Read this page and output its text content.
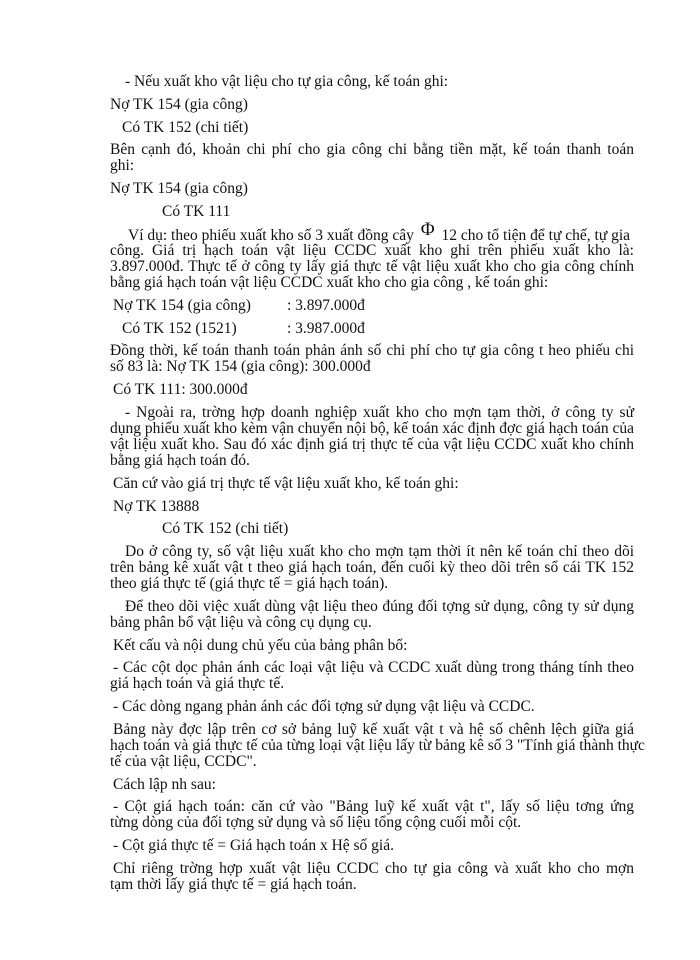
- Nếu xuất kho vật liệu cho tự gia công, kế toán ghi:
Nợ TK 154 (gia công)
Có TK 152 (chi tiết)
Bên cạnh đó, khoản chi phí cho gia công chi bằng tiền mặt, kế toán thanh toán
ghi:
Nợ TK 154 (gia công)
Có TK 111
Ví dụ: theo phiếu xuất kho số 3 xuất đồng cây Φ 12 cho tổ tiện để tự chế, tự gia
công. Giá trị hạch toán vật liệu CCDC xuất kho ghi trên phiếu xuất kho là:
3.897.000đ. Thực tế ở công ty lấy giá thực tế vật liệu xuất kho cho gia công chính
bằng giá hạch toán vật liệu CCDC xuất kho cho gia công , kế toán ghi:
Nợ TK 154 (gia công) : 3.897.000đ
Có TK 152 (1521)	: 3.987.000đ
Đồng thời, kế toán thanh toán phản ánh số chi phí cho tự gia công t heo phiếu chi
số 83 là: Nợ TK 154 (gia công): 300.000đ
Có TK 111: 300.000đ
- Ngoài ra, trờng hợp doanh nghiệp xuất kho cho mợn tạm thời, ở công ty sử
dụng phiếu xuất kho kèm vận chuyển nội bộ, kế toán xác định đợc giá hạch toán của
vật liệu xuất kho. Sau đó xác định giá trị thực tế của vật liệu CCDC xuất kho chính
bằng giá hạch toán đó.
Căn cứ vào giá trị thực tế vật liệu xuất kho, kế toán ghi:
Nợ TK 13888
Có TK 152 (chi tiết)
Do ở công ty, số vật liệu xuất kho cho mợn tạm thời ít nên kế toán chỉ theo dõi
trên bảng kê xuất vật t theo giá hạch toán, đến cuối kỳ theo dõi trên sổ cái TK 152
theo giá thực tế (giá thực tế = giá hạch toán).
Để theo dõi việc xuất dùng vật liệu theo đúng đối tợng sử dụng, công ty sử dụng
bảng phân bổ vật liệu và công cụ dụng cụ.
Kết cấu và nội dung chủ yếu của bảng phân bổ:
- Các cột dọc phản ánh các loại vật liệu và CCDC xuất dùng trong tháng tính theo
giá hạch toán và giá thực tế.
- Các dòng ngang phản ánh các đối tợng sử dụng vật liệu và CCDC.
Bảng này đợc lập trên cơ sở bảng luỹ kế xuất vật t và hệ số chênh lệch giữa giá
hạch toán và giá thực tế của từng loại vật liệu lấy từ bảng kê số 3 "Tính giá thành thực
tế của vật liệu, CCDC".
Cách lập nh sau:
- Cột giá hạch toán: căn cứ vào "Bảng luỹ kế xuất vật t", lấy số liệu tơng ứng
từng dòng của đối tợng sử dụng và số liệu tổng cộng cuối mỗi cột.
- Cột giá thực tế = Giá hạch toán x Hệ số giá.
Chỉ riêng trờng hợp xuất vật liệu CCDC cho tự gia công và xuất kho cho mợn
tạm thời lấy giá thực tế = giá hạch toán.
